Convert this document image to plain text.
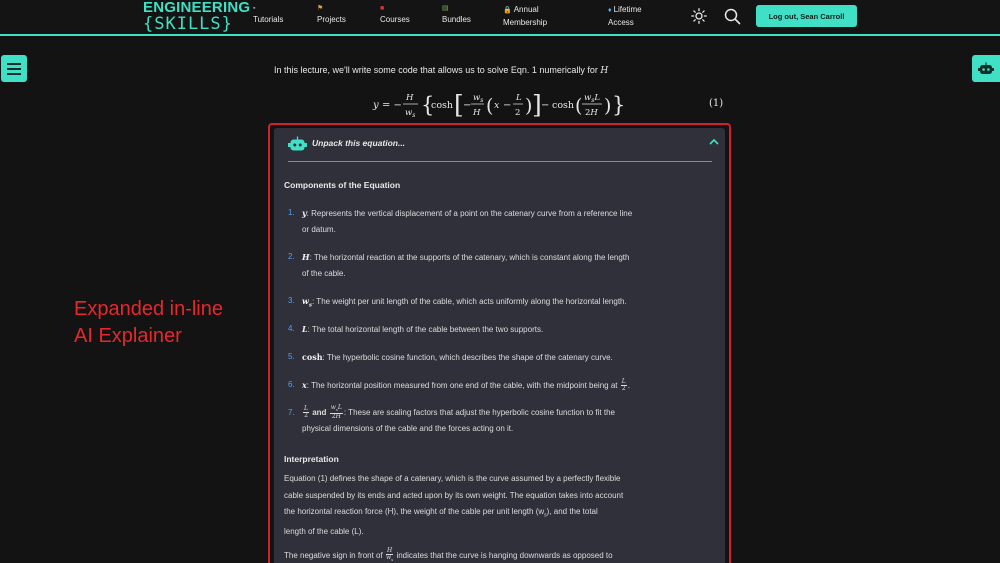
ENGINEERING
{SKILLS}
▪
Tutorials
⚑
Projects
■
Courses
▤
Bundles
🔒 Annual
Membership
♦ Lifetime
Access
Log out, Sean Carroll
Expanded in-line
AI Explainer
In this lecture, we'll write some code that allows us to solve Eqn. 1 numerically for H
y = −
H
$w_s$ {
cosh [ −
$w_s$
H ( x −
L
2 ) ] − cosh ( $w_sL$
2H ) }	(1)
Unpack this equation...
Components of the Equation
1. y: Represents the vertical displacement of a point on the catenary curve from a reference line
or datum.
2. H: The horizontal reaction at the supports of the catenary, which is constant along the length
of the cable.
3. $w_s$: The weight per unit length of the cable, which acts uniformly along the horizontal length.
4. L: The total horizontal length of the cable between the two supports.
5. cosh: The hyperbolic cosine function, which describes the shape of the catenary curve.
6. x: The horizontal position measured from one end of the cable, with the midpoint being at $\frac{L}{2}$ .
7. $\frac{L}{2}$ and $\frac{w_sL}{2H}$ : These are scaling factors that adjust the hyperbolic cosine function to fit the
physical dimensions of the cable and the forces acting on it.
Interpretation
Equation (1) defines the shape of a catenary, which is the curve assumed by a perfectly flexible
cable suspended by its ends and acted upon by its own weight. The equation takes into account
the horizontal reaction force (H), the weight of the cable per unit length $(w_s)$, and the total
length of the cable (L).
The negative sign in front of $\frac{H}{w_s}$ indicates that the curve is hanging downwards as opposed to
